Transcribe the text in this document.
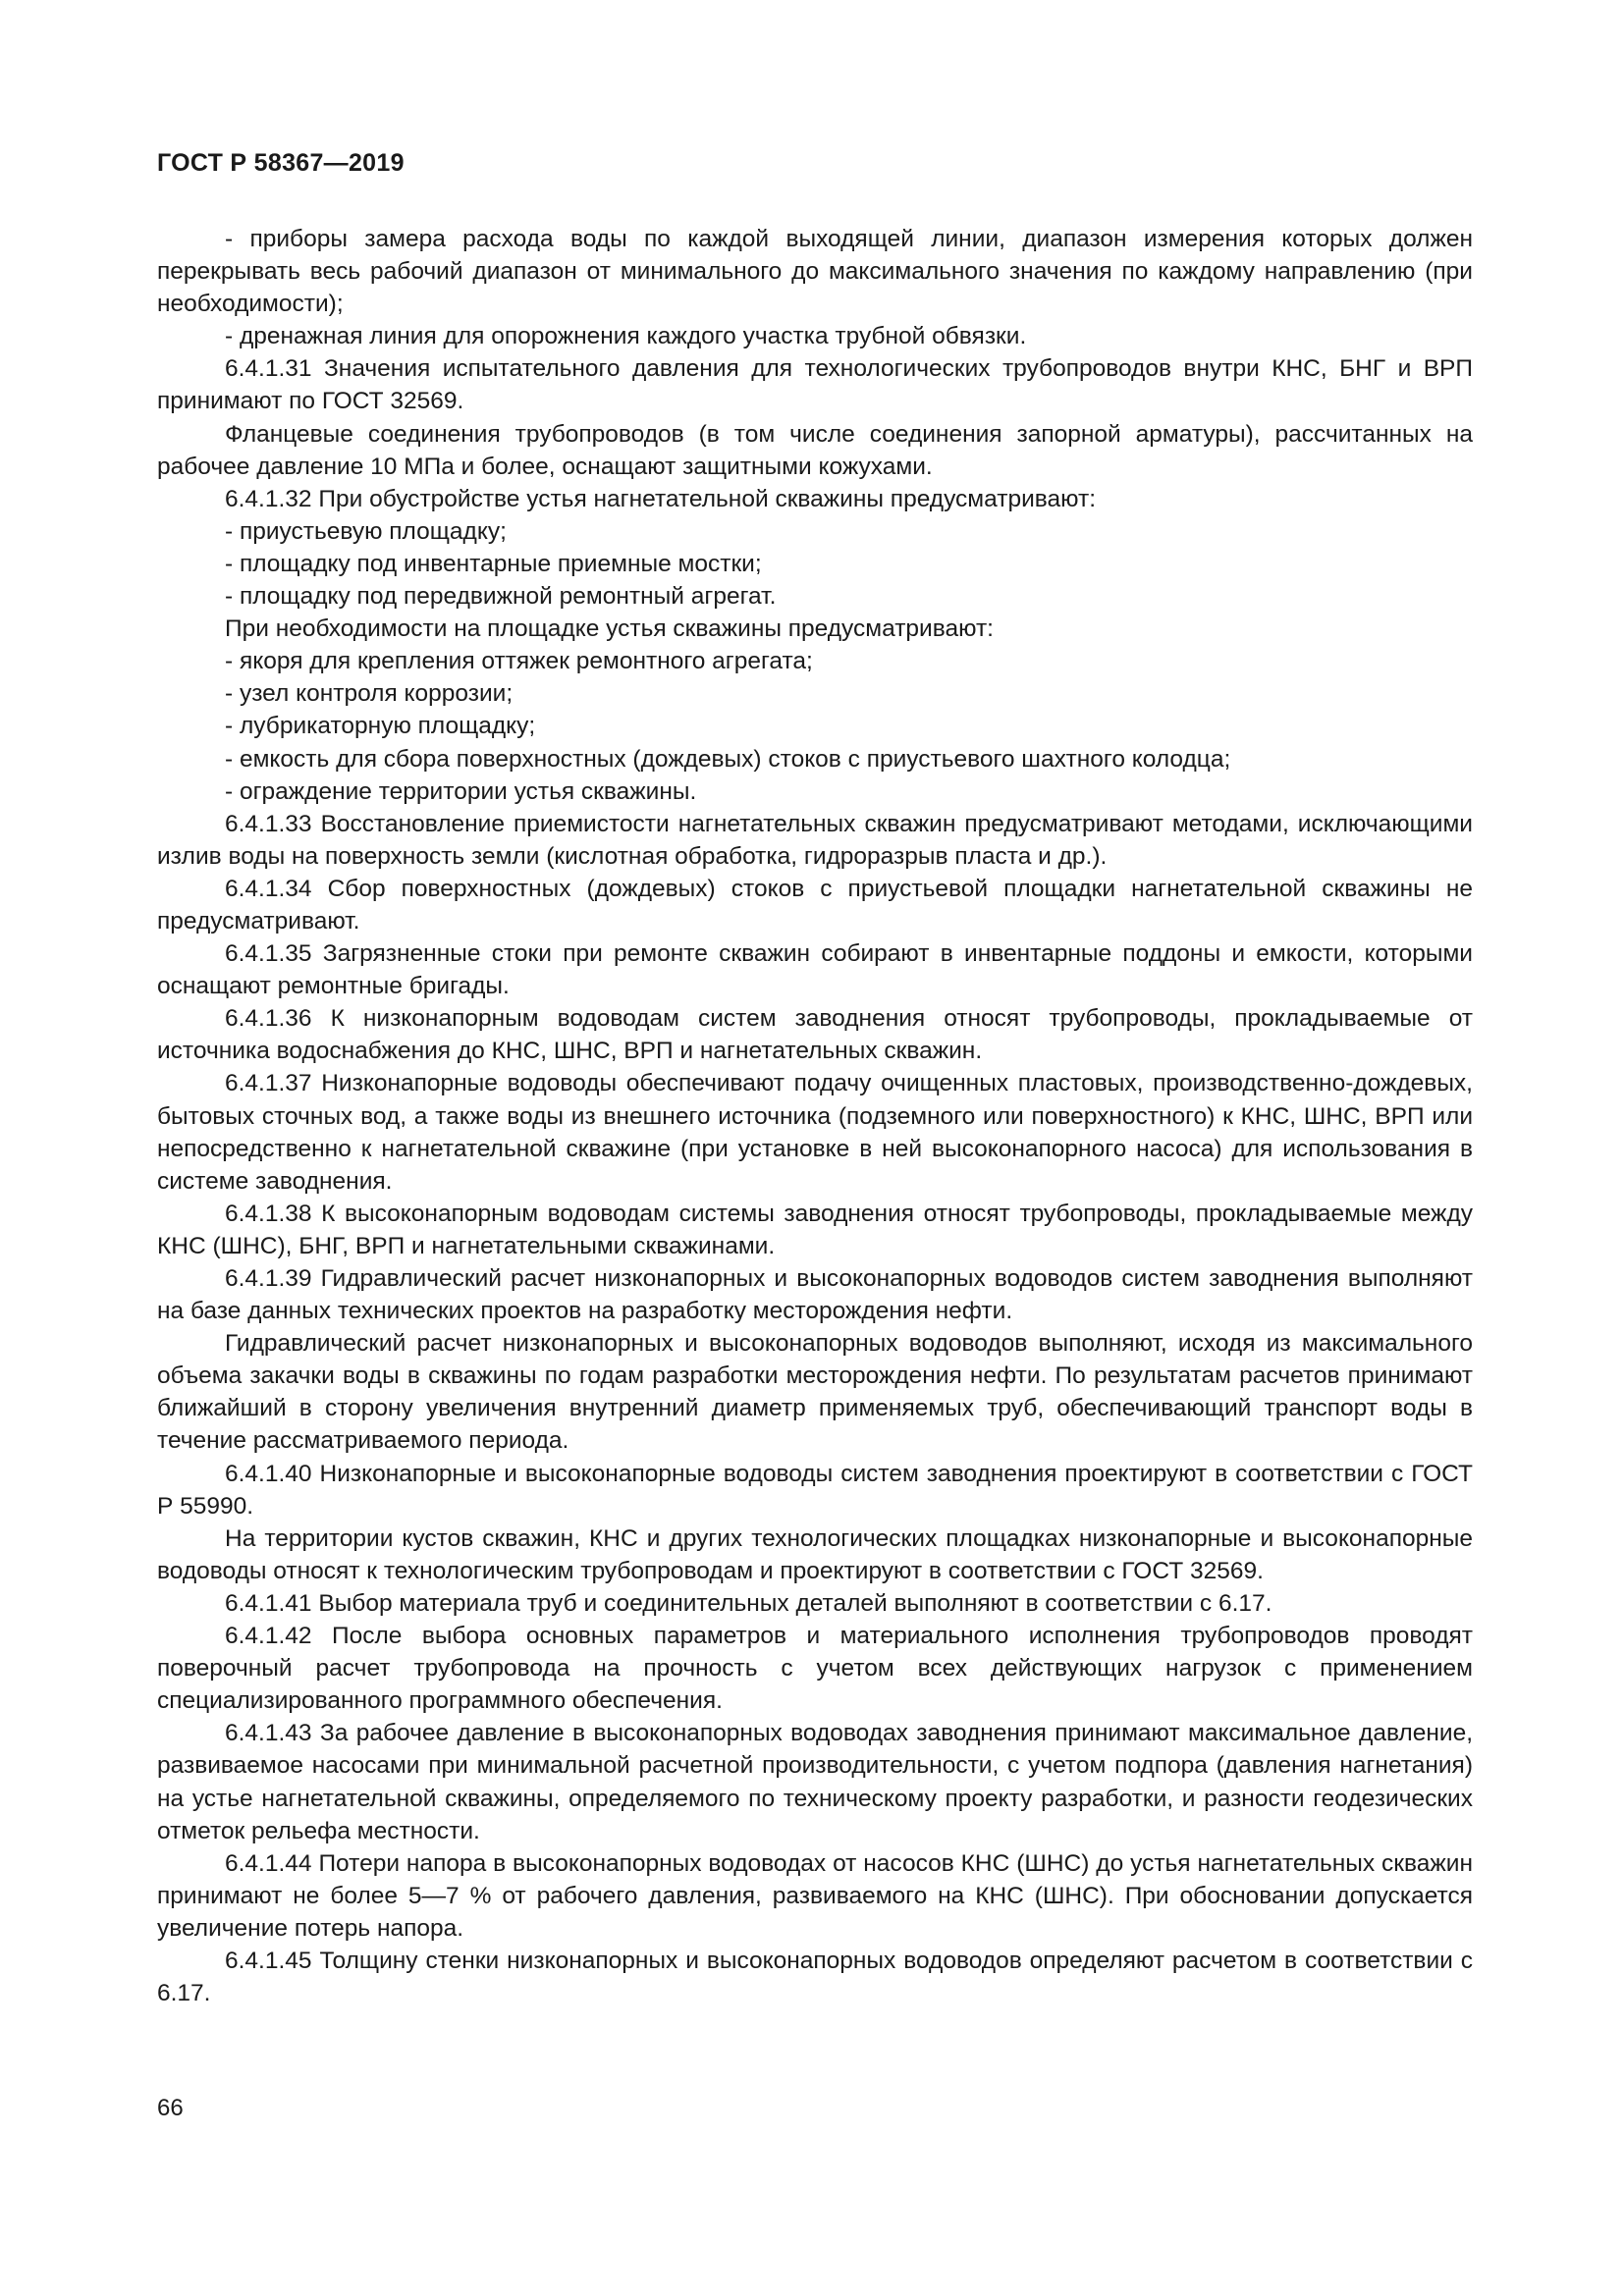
ГОСТ Р 58367—2019

- приборы замера расхода воды по каждой выходящей линии, диапазон измерения которых должен перекрывать весь рабочий диапазон от минимального до максимального значения по каждому направлению (при необходимости);

- дренажная линия для опорожнения каждого участка трубной обвязки.

6.4.1.31 Значения испытательного давления для технологических трубопроводов внутри КНС, БНГ и ВРП принимают по ГОСТ 32569.

Фланцевые соединения трубопроводов (в том числе соединения запорной арматуры), рассчитанных на рабочее давление 10 МПа и более, оснащают защитными кожухами.

6.4.1.32 При обустройстве устья нагнетательной скважины предусматривают:

- приустьевую площадку;

- площадку под инвентарные приемные мостки;

- площадку под передвижной ремонтный агрегат.

При необходимости на площадке устья скважины предусматривают:

- якоря для крепления оттяжек ремонтного агрегата;

- узел контроля коррозии;

- лубрикаторную площадку;

- емкость для сбора поверхностных (дождевых) стоков с приустьевого шахтного колодца;

- ограждение территории устья скважины.

6.4.1.33 Восстановление приемистости нагнетательных скважин предусматривают методами, исключающими излив воды на поверхность земли (кислотная обработка, гидроразрыв пласта и др.).

6.4.1.34 Сбор поверхностных (дождевых) стоков с приустьевой площадки нагнетательной скважины не предусматривают.

6.4.1.35 Загрязненные стоки при ремонте скважин собирают в инвентарные поддоны и емкости, которыми оснащают ремонтные бригады.

6.4.1.36 К низконапорным водоводам систем заводнения относят трубопроводы, прокладываемые от источника водоснабжения до КНС, ШНС, ВРП и нагнетательных скважин.

6.4.1.37 Низконапорные водоводы обеспечивают подачу очищенных пластовых, производственно-дождевых, бытовых сточных вод, а также воды из внешнего источника (подземного или поверхностного) к КНС, ШНС, ВРП или непосредственно к нагнетательной скважине (при установке в ней высоконапорного насоса) для использования в системе заводнения.

6.4.1.38 К высоконапорным водоводам системы заводнения относят трубопроводы, прокладываемые между КНС (ШНС), БНГ, ВРП и нагнетательными скважинами.

6.4.1.39 Гидравлический расчет низконапорных и высоконапорных водоводов систем заводнения выполняют на базе данных технических проектов на разработку месторождения нефти.

Гидравлический расчет низконапорных и высоконапорных водоводов выполняют, исходя из максимального объема закачки воды в скважины по годам разработки месторождения нефти. По результатам расчетов принимают ближайший в сторону увеличения внутренний диаметр применяемых труб, обеспечивающий транспорт воды в течение рассматриваемого периода.

6.4.1.40 Низконапорные и высоконапорные водоводы систем заводнения проектируют в соответствии с ГОСТ Р 55990.

На территории кустов скважин, КНС и других технологических площадках низконапорные и высоконапорные водоводы относят к технологическим трубопроводам и проектируют в соответствии с ГОСТ 32569.

6.4.1.41 Выбор материала труб и соединительных деталей выполняют в соответствии с 6.17.

6.4.1.42 После выбора основных параметров и материального исполнения трубопроводов проводят поверочный расчет трубопровода на прочность с учетом всех действующих нагрузок с применением специализированного программного обеспечения.

6.4.1.43 За рабочее давление в высоконапорных водоводах заводнения принимают максимальное давление, развиваемое насосами при минимальной расчетной производительности, с учетом подпора (давления нагнетания) на устье нагнетательной скважины, определяемого по техническому проекту разработки, и разности геодезических отметок рельефа местности.

6.4.1.44 Потери напора в высоконапорных водоводах от насосов КНС (ШНС) до устья нагнетательных скважин принимают не более 5—7 % от рабочего давления, развиваемого на КНС (ШНС). При обосновании допускается увеличение потерь напора.

6.4.1.45 Толщину стенки низконапорных и высоконапорных водоводов определяют расчетом в соответствии с 6.17.

66
